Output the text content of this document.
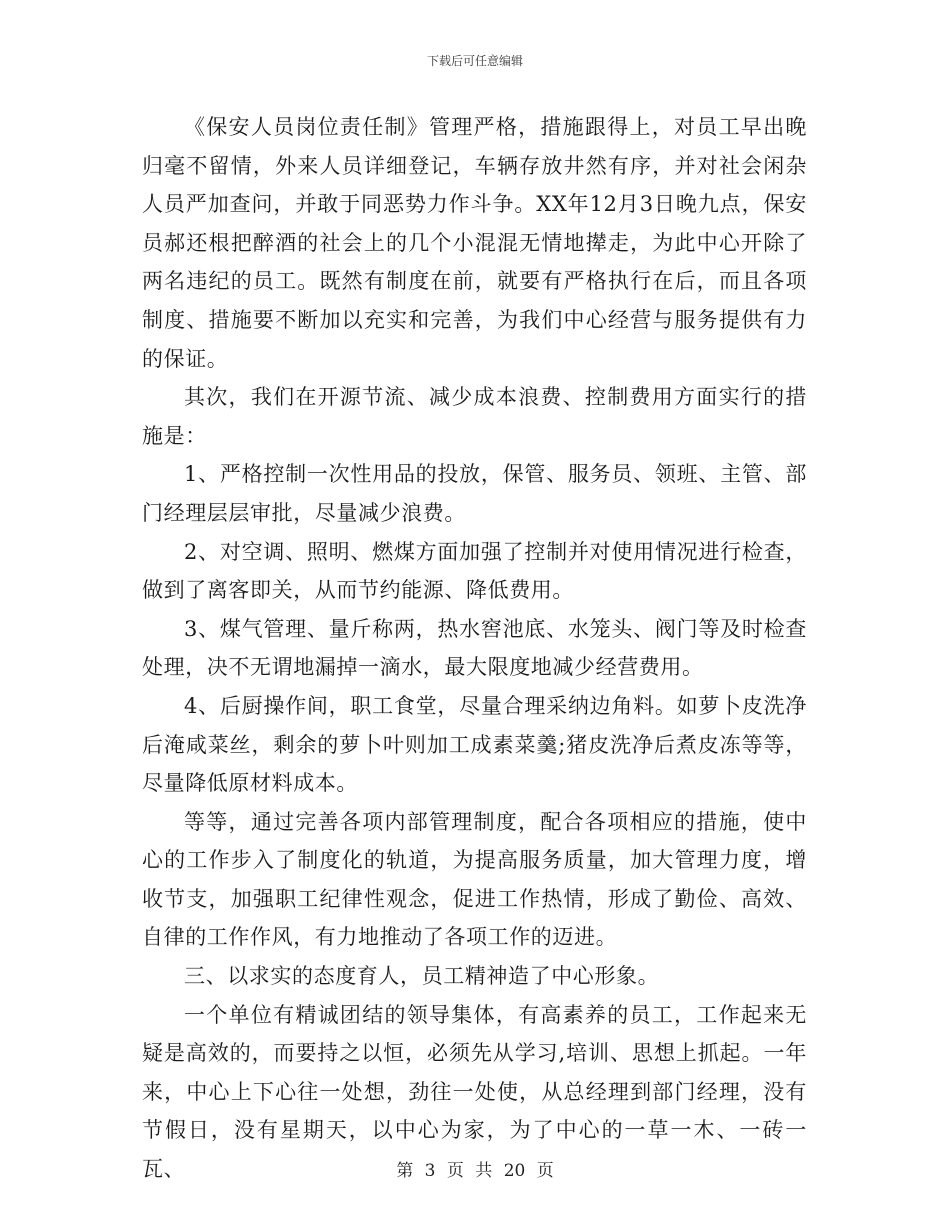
下载后可任意编辑

《保安人员岗位责任制》管理严格，措施跟得上，对员工早出晚归毫不留情，外来人员详细登记，车辆存放井然有序，并对社会闲杂人员严加查问，并敢于同恶势力作斗争。XX年12月3日晚九点，保安员郝还根把醉酒的社会上的几个小混混无情地撵走，为此中心开除了两名违纪的员工。既然有制度在前，就要有严格执行在后，而且各项制度、措施要不断加以充实和完善，为我们中心经营与服务提供有力的保证。

其次，我们在开源节流、减少成本浪费、控制费用方面实行的措施是：

1、严格控制一次性用品的投放，保管、服务员、领班、主管、部门经理层层审批，尽量减少浪费。

2、对空调、照明、燃煤方面加强了控制并对使用情况进行检查，做到了离客即关，从而节约能源、降低费用。

3、煤气管理、量斤称两，热水窖池底、水笼头、阀门等及时检查处理，决不无谓地漏掉一滴水，最大限度地减少经营费用。

4、后厨操作间，职工食堂，尽量合理采纳边角料。如萝卜皮洗净后淹咸菜丝，剩余的萝卜叶则加工成素菜羹;猪皮洗净后煮皮冻等等，尽量降低原材料成本。

等等，通过完善各项内部管理制度，配合各项相应的措施，使中心的工作步入了制度化的轨道，为提高服务质量，加大管理力度，增收节支，加强职工纪律性观念，促进工作热情，形成了勤俭、高效、自律的工作作风，有力地推动了各项工作的迈进。

三、以求实的态度育人，员工精神造了中心形象。

一个单位有精诚团结的领导集体，有高素养的员工，工作起来无疑是高效的，而要持之以恒，必须先从学习,培训、思想上抓起。一年来，中心上下心往一处想，劲往一处使，从总经理到部门经理，没有节假日，没有星期天，以中心为家，为了中心的一草一木、一砖一瓦、	第 3 页 共 20 页
